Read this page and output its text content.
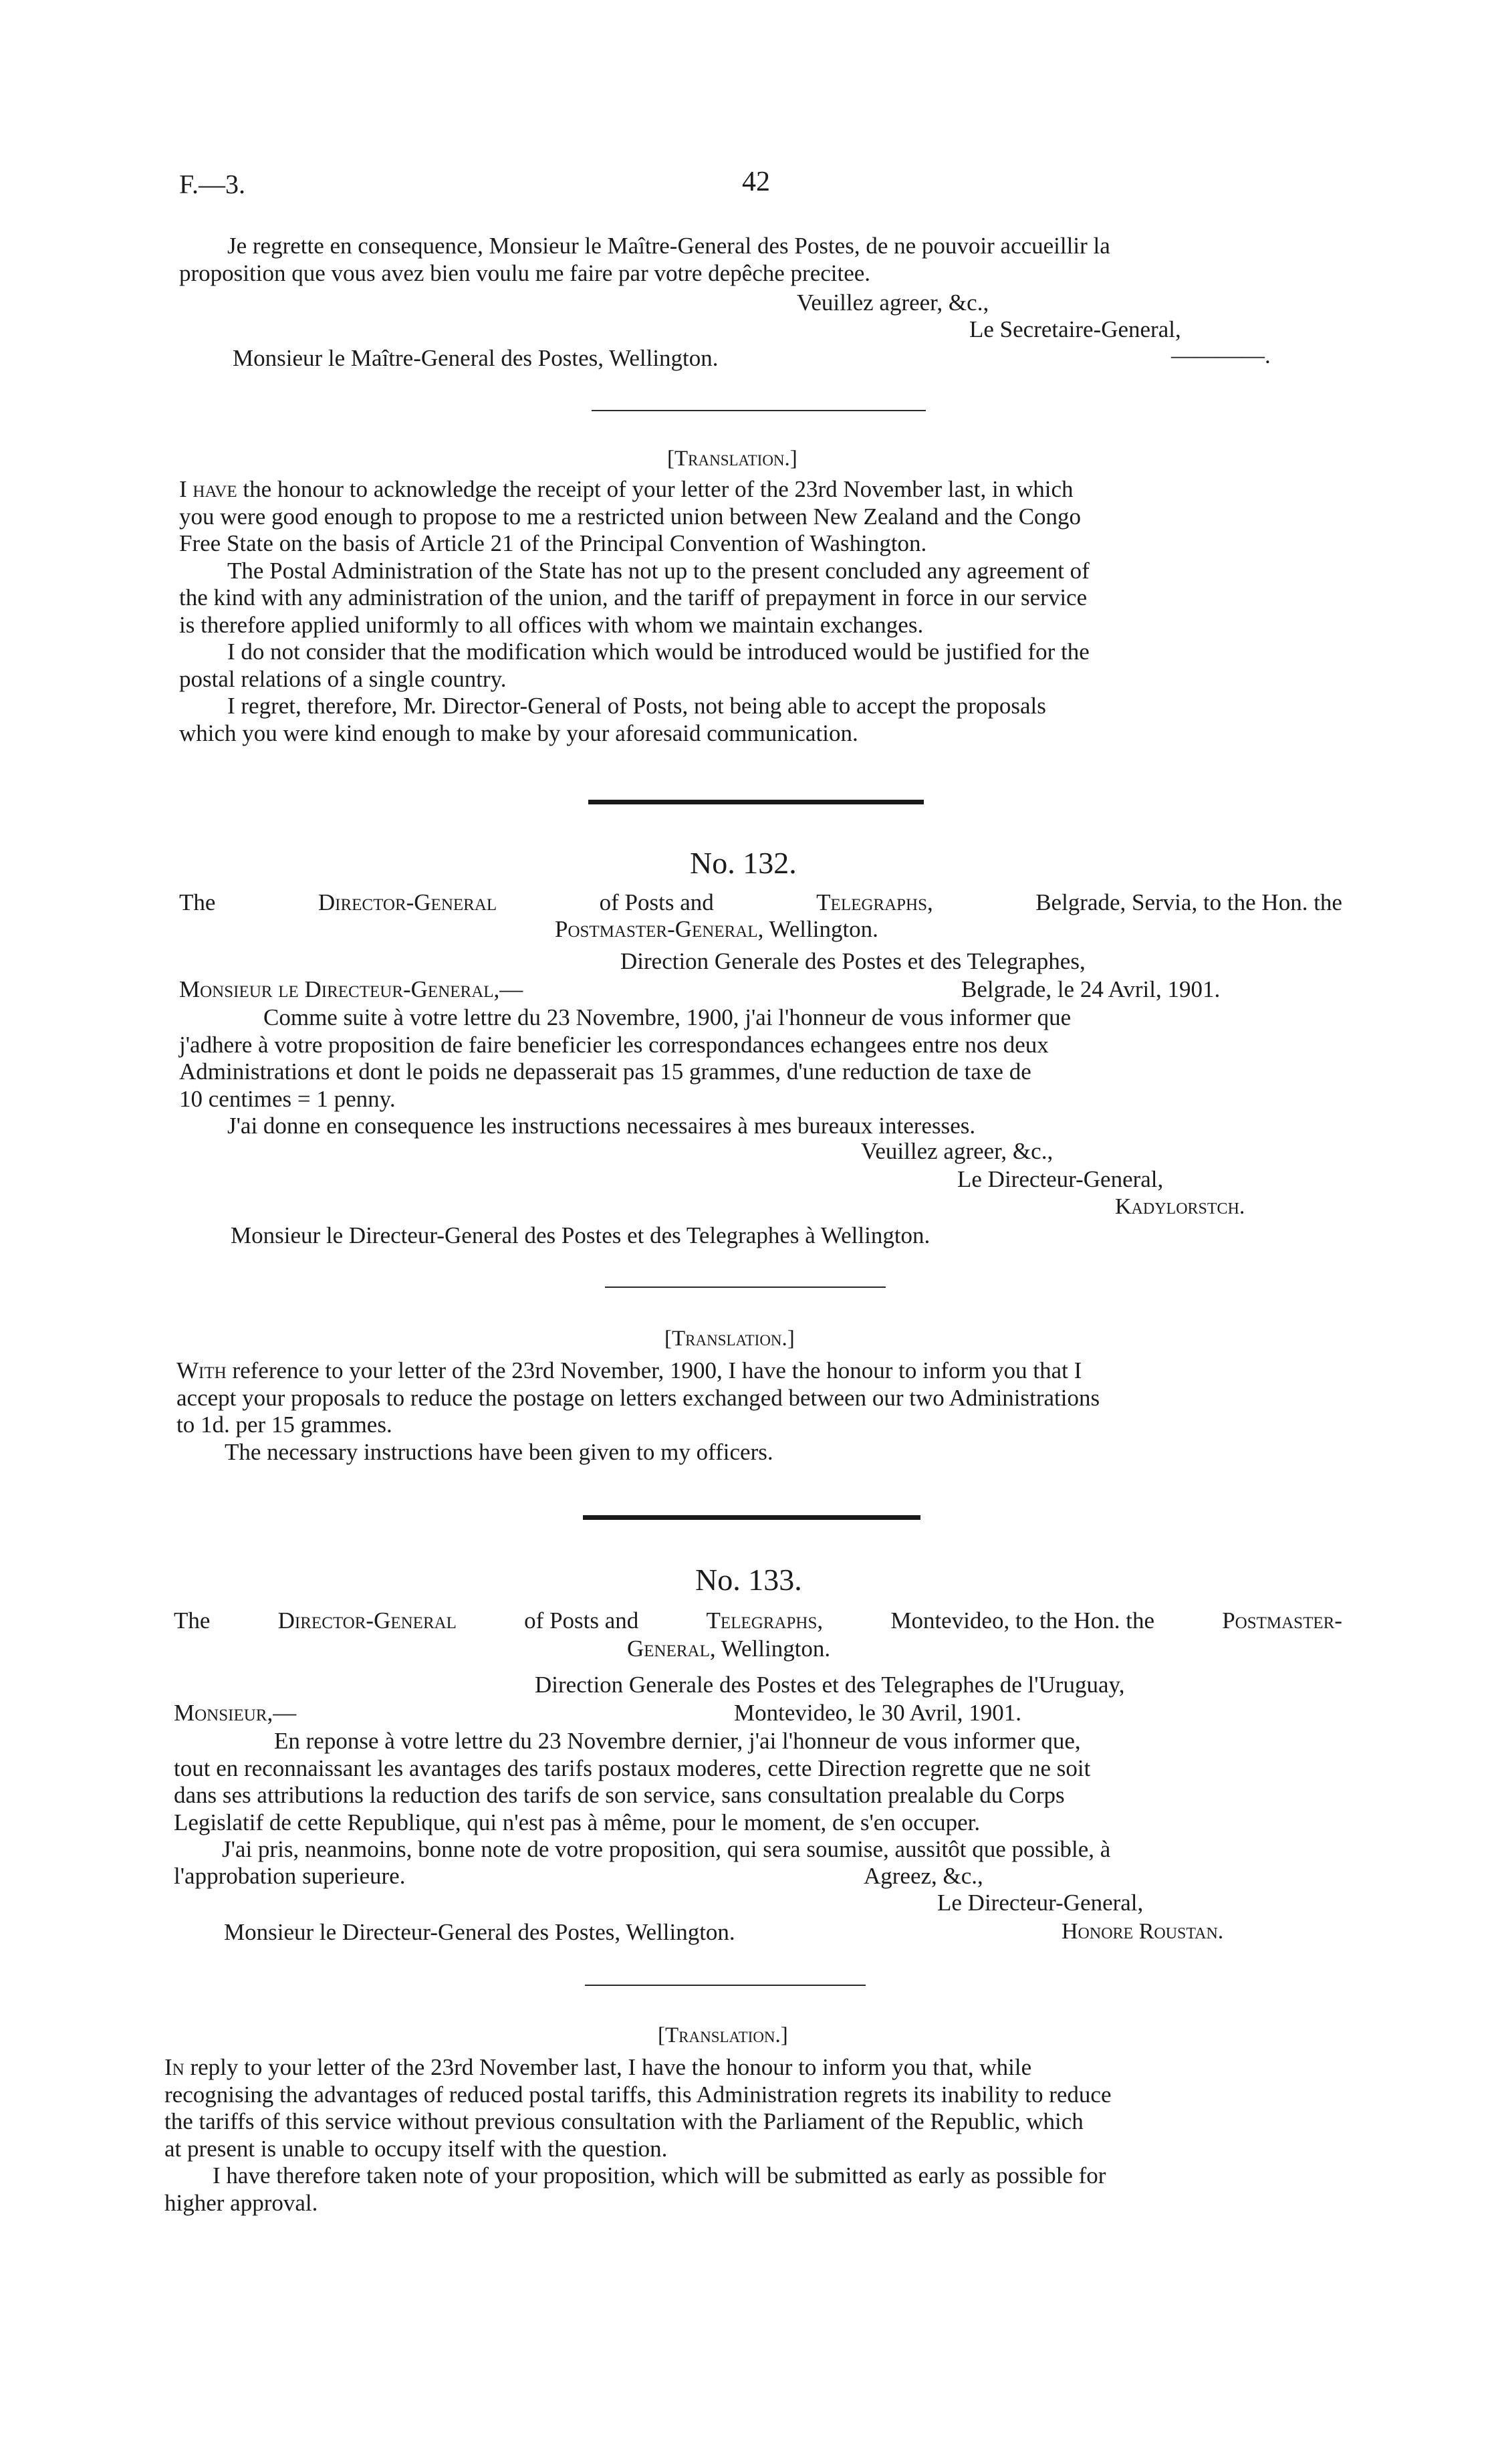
F.—3.	42
Je regrette en consequence, Monsieur le Maître-General des Postes, de ne pouvoir accueillir la
proposition que vous avez bien voulu me faire par votre depêche precitee.
Veuillez agreer, &c.,
Le Secretaire-General,
Monsieur le Maître-General des Postes, Wellington.	————.
[Translation.]
I have the honour to acknowledge the receipt of your letter of the 23rd November last, in which
you were good enough to propose to me a restricted union between New Zealand and the Congo
Free State on the basis of Article 21 of the Principal Convention of Washington.
The Postal Administration of the State has not up to the present concluded any agreement of
the kind with any administration of the union, and the tariff of prepayment in force in our service
is therefore applied uniformly to all offices with whom we maintain exchanges.
I do not consider that the modification which would be introduced would be justified for the
postal relations of a single country.
I regret, therefore, Mr. Director-General of Posts, not being able to accept the proposals
which you were kind enough to make by your aforesaid communication.
No. 132.
The	Director-General	of Posts and	Telegraphs,	Belgrade, Servia, to the Hon. the
Postmaster-General, Wellington.
Direction Generale des Postes et des Telegraphes,
Monsieur le Directeur-General,—	Belgrade, le 24 Avril, 1901.
Comme suite à votre lettre du 23 Novembre, 1900, j'ai l'honneur de vous informer que
j'adhere à votre proposition de faire beneficier les correspondances echangees entre nos deux
Administrations et dont le poids ne depasserait pas 15 grammes, d'une reduction de taxe de
10 centimes = 1 penny.
J'ai donne en consequence les instructions necessaires à mes bureaux interesses.
Veuillez agreer, &c.,
Le Directeur-General,
Kadylorstch.
Monsieur le Directeur-General des Postes et des Telegraphes à Wellington.
[Translation.]
With reference to your letter of the 23rd November, 1900, I have the honour to inform you that I
accept your proposals to reduce the postage on letters exchanged between our two Administrations
to 1d. per 15 grammes.
The necessary instructions have been given to my officers.
No. 133.
The	Director-General	of Posts and	Telegraphs,	Montevideo, to the Hon. the	Postmaster-
General, Wellington.
Direction Generale des Postes et des Telegraphes de l'Uruguay,
Monsieur,—	Montevideo, le 30 Avril, 1901.
En reponse à votre lettre du 23 Novembre dernier, j'ai l'honneur de vous informer que,
tout en reconnaissant les avantages des tarifs postaux moderes, cette Direction regrette que ne soit
dans ses attributions la reduction des tarifs de son service, sans consultation prealable du Corps
Legislatif de cette Republique, qui n'est pas à même, pour le moment, de s'en occuper.
J'ai pris, neanmoins, bonne note de votre proposition, qui sera soumise, aussitôt que possible, à
l'approbation superieure.	Agreez, &c.,
Le Directeur-General,
Monsieur le Directeur-General des Postes, Wellington.	Honore Roustan.
[Translation.]
In reply to your letter of the 23rd November last, I have the honour to inform you that, while
recognising the advantages of reduced postal tariffs, this Administration regrets its inability to reduce
the tariffs of this service without previous consultation with the Parliament of the Republic, which
at present is unable to occupy itself with the question.
I have therefore taken note of your proposition, which will be submitted as early as possible for
higher approval.
